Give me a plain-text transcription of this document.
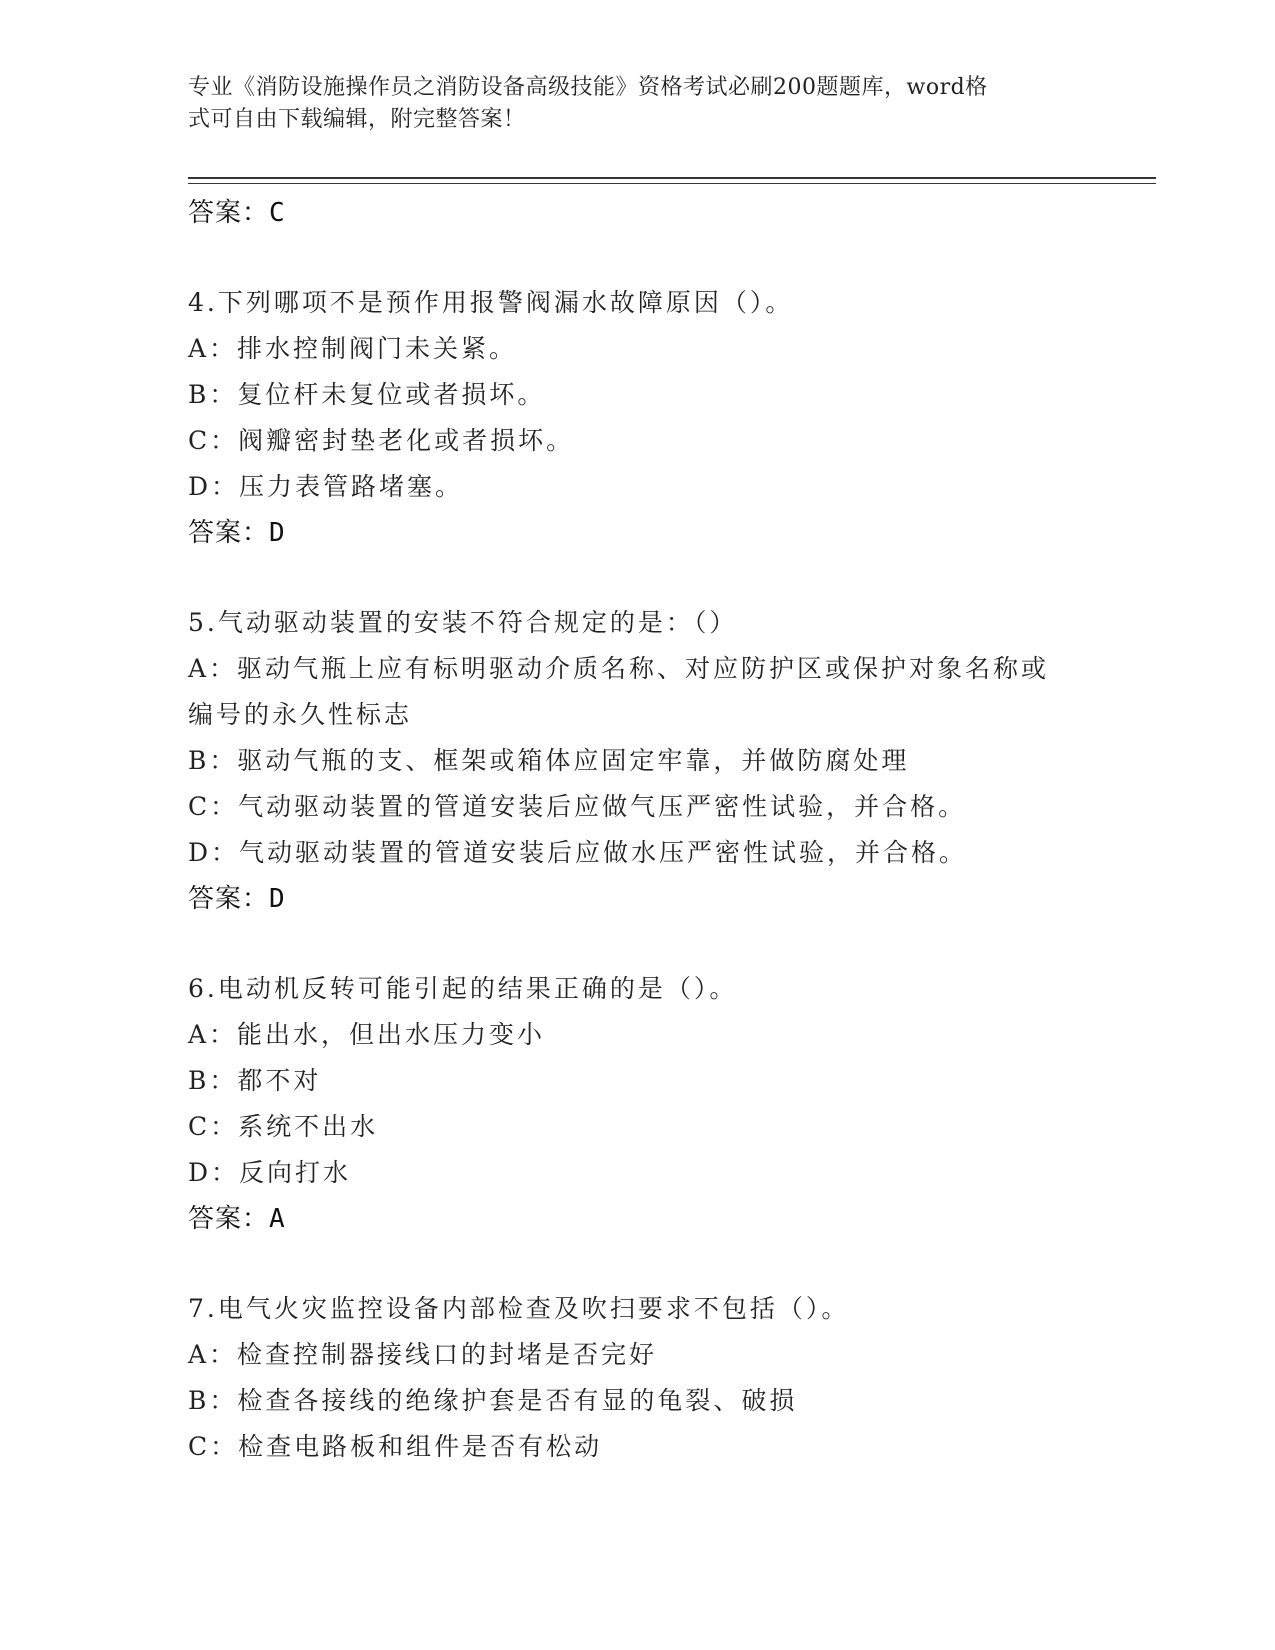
专业《消防设施操作员之消防设备高级技能》资格考试必刷200题题库，word格
式可自由下载编辑，附完整答案！
答案：C
4.下列哪项不是预作用报警阀漏水故障原因（）。
A：排水控制阀门未关紧。
B：复位杆未复位或者损坏。
C：阀瓣密封垫老化或者损坏。
D：压力表管路堵塞。
答案：D
5.气动驱动装置的安装不符合规定的是：（）
A：驱动气瓶上应有标明驱动介质名称、对应防护区或保护对象名称或编号的永久性标志
B：驱动气瓶的支、框架或箱体应固定牢靠，并做防腐处理
C：气动驱动装置的管道安装后应做气压严密性试验，并合格。
D：气动驱动装置的管道安装后应做水压严密性试验，并合格。
答案：D
6.电动机反转可能引起的结果正确的是（）。
A：能出水，但出水压力变小
B：都不对
C：系统不出水
D：反向打水
答案：A
7.电气火灾监控设备内部检查及吹扫要求不包括（）。
A：检查控制器接线口的封堵是否完好
B：检查各接线的绝缘护套是否有显的龟裂、破损
C：检查电路板和组件是否有松动
